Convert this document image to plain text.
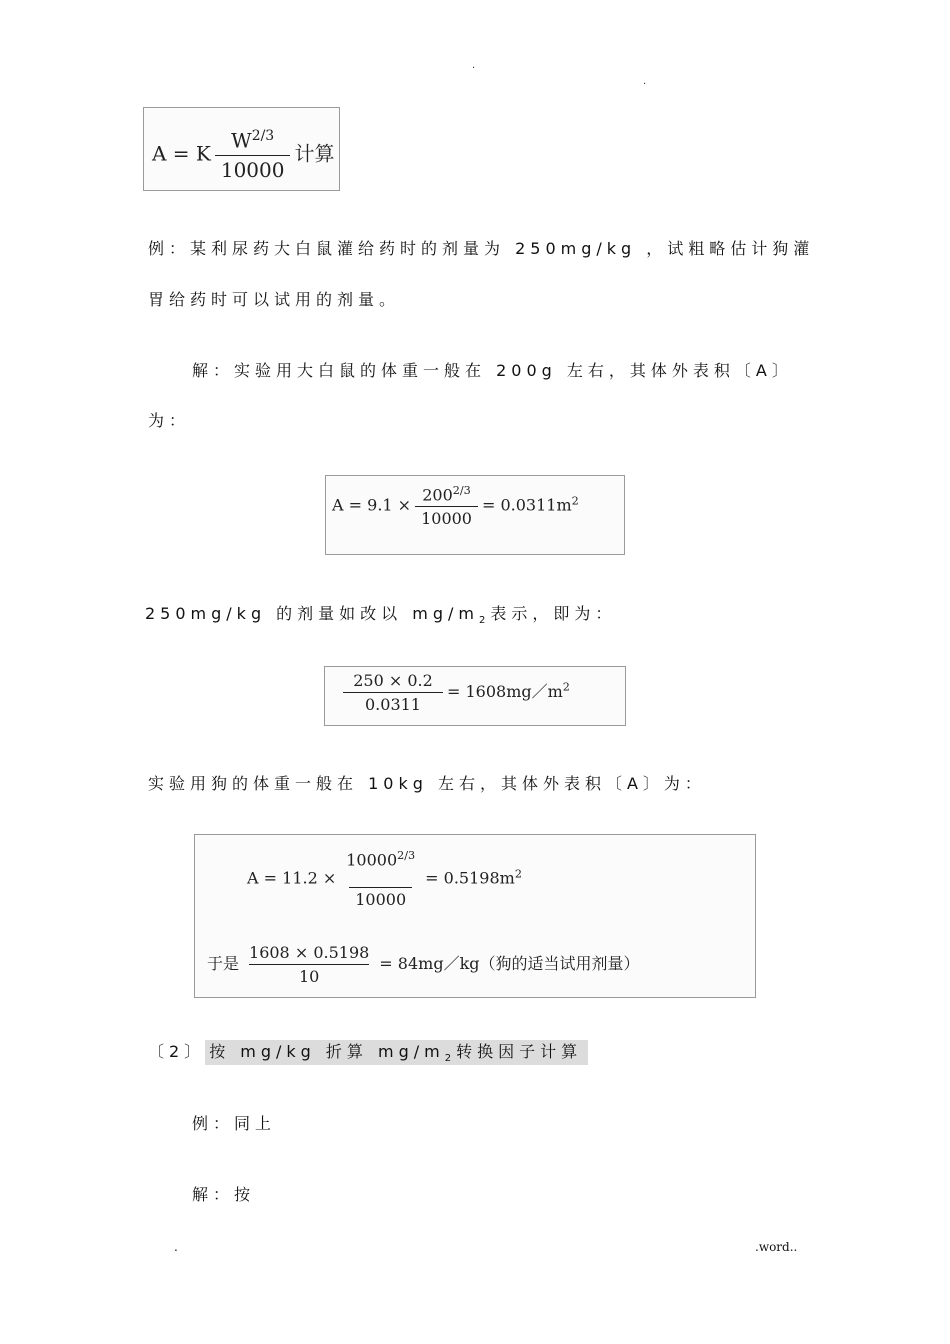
.
.
A = K $\frac{W^{2/3}}{10000}$ 计算
例：某利尿药大白鼠灌给药时的剂量为 250mg/kg ，试粗略估计狗灌
胃给药时可以试用的剂量。
解：实验用大白鼠的体重一般在 200g 左右，其体外表积〔A〕
为：
$A = 9.1 \times \frac{200^{2/3}}{10000} = 0.0311m^2$
250mg/kg 的剂量如改以 $mg/m_2$表示，即为：
$\frac{250 \times 0.2}{0.0311}$ = $1608mg/m^2$
实验用狗的体重一般在 10kg 左右，其体外表积〔A〕为：
$A = 11.2 \times \frac{10000^{2/3}}{10000} = 0.5198m^2$
于是 $\frac{1608 \times 0.5198}{10}$ = 84mg／kg（狗的适当试用剂量）
〔2〕 按 mg/kg 折算 $mg/m_2$转换因子计算
例：同上
解：按
.	.word..
